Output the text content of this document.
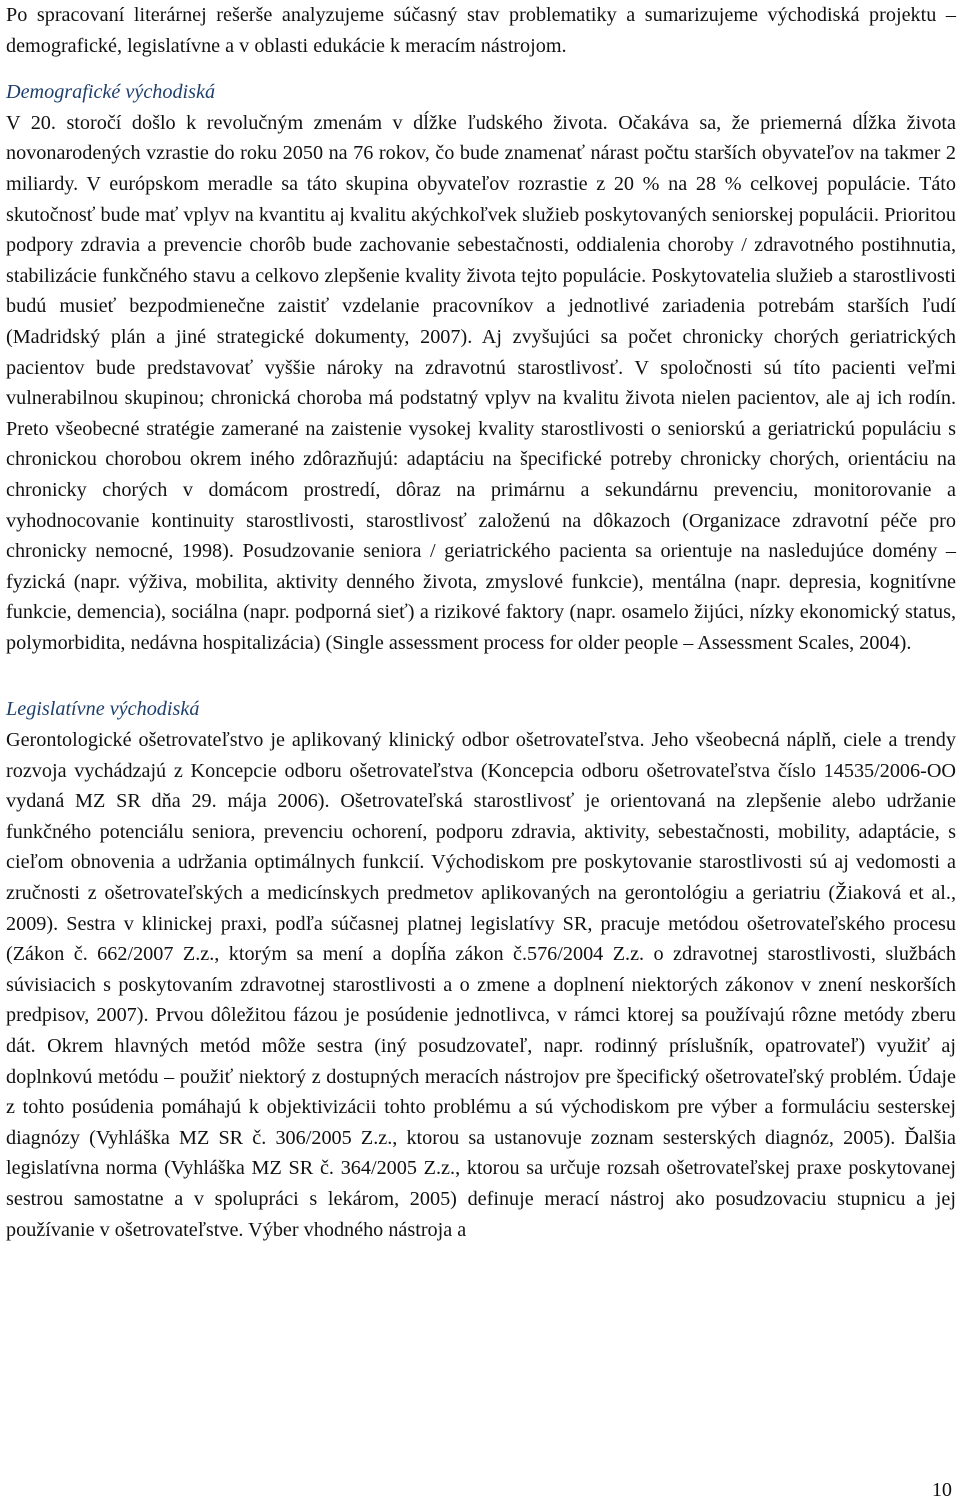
Po spracovaní literárnej rešerše analyzujeme súčasný stav problematiky a sumarizujeme východiská projektu – demografické, legislatívne a v oblasti edukácie k meracím nástrojom.

Demografické východiská

V 20. storočí došlo k revolučným zmenám v dĺžke ľudského života. Očakáva sa, že priemerná dĺžka života novonarodených vzrastie do roku 2050 na 76 rokov, čo bude znamenať nárast počtu starších obyvateľov na takmer 2 miliardy. V európskom meradle sa táto skupina obyvateľov rozrastie z 20 % na 28 % celkovej populácie. Táto skutočnosť bude mať vplyv na kvantitu aj kvalitu akýchkoľvek služieb poskytovaných seniorskej populácii. Prioritou podpory zdravia a prevencie chorôb bude zachovanie sebestačnosti, oddialenia choroby / zdravotného postihnutia, stabilizácie funkčného stavu a celkovo zlepšenie kvality života tejto populácie. Poskytovatelia služieb a starostlivosti budú musieť bezpodmienečne zaistiť vzdelanie pracovníkov a jednotlivé zariadenia potrebám starších ľudí (Madridský plán a jiné strategické dokumenty, 2007). Aj zvyšujúci sa počet chronicky chorých geriatrických pacientov bude predstavovať vyššie nároky na zdravotnú starostlivosť. V spoločnosti sú títo pacienti veľmi vulnerabilnou skupinou; chronická choroba má podstatný vplyv na kvalitu života nielen pacientov, ale aj ich rodín. Preto všeobecné stratégie zamerané na zaistenie vysokej kvality starostlivosti o seniorskú a geriatrickú populáciu s chronickou chorobou okrem iného zdôrazňujú: adaptáciu na špecifické potreby chronicky chorých, orientáciu na chronicky chorých v domácom prostredí, dôraz na primárnu a sekundárnu prevenciu, monitorovanie a vyhodnocovanie kontinuity starostlivosti, starostlivosť založenú na dôkazoch (Organizace zdravotní péče pro chronicky nemocné, 1998). Posudzovanie seniora / geriatrického pacienta sa orientuje na nasledujúce domény – fyzická (napr. výživa, mobilita, aktivity denného života, zmyslové funkcie), mentálna (napr. depresia, kognitívne funkcie, demencia), sociálna (napr. podporná sieť) a rizikové faktory (napr. osamelo žijúci, nízky ekonomický status, polymorbidita, nedávna hospitalizácia) (Single assessment process for older people – Assessment Scales, 2004).

Legislatívne východiská

Gerontologické ošetrovateľstvo je aplikovaný klinický odbor ošetrovateľstva. Jeho všeobecná náplň, ciele a trendy rozvoja vychádzajú z Koncepcie odboru ošetrovateľstva (Koncepcia odboru ošetrovateľstva číslo 14535/2006-OO vydaná MZ SR dňa 29. mája 2006). Ošetrovateľská starostlivosť je orientovaná na zlepšenie alebo udržanie funkčného potenciálu seniora, prevenciu ochorení, podporu zdravia, aktivity, sebestačnosti, mobility, adaptácie, s cieľom obnovenia a udržania optimálnych funkcií. Východiskom pre poskytovanie starostlivosti sú aj vedomosti a zručnosti z ošetrovateľských a medicínskych predmetov aplikovaných na gerontológiu a geriatriu (Žiaková et al., 2009). Sestra v klinickej praxi, podľa súčasnej platnej legislatívy SR, pracuje metódou ošetrovateľského procesu (Zákon č. 662/2007 Z.z., ktorým sa mení a dopĺňa zákon č.576/2004 Z.z. o zdravotnej starostlivosti, službách súvisiacich s poskytovaním zdravotnej starostlivosti a o zmene a doplnení niektorých zákonov v znení neskorších predpisov, 2007). Prvou dôležitou fázou je posúdenie jednotlivca, v rámci ktorej sa používajú rôzne metódy zberu dát. Okrem hlavných metód môže sestra (iný posudzovateľ, napr. rodinný príslušník, opatrovateľ) využiť aj doplnkovú metódu – použiť niektorý z dostupných meracích nástrojov pre špecifický ošetrovateľský problém. Údaje z tohto posúdenia pomáhajú k objektivizácii tohto problému a sú východiskom pre výber a formuláciu sesterskej diagnózy (Vyhláška MZ SR č. 306/2005 Z.z., ktorou sa ustanovuje zoznam sesterských diagnóz, 2005). Ďalšia legislatívna norma (Vyhláška MZ SR č. 364/2005 Z.z., ktorou sa určuje rozsah ošetrovateľskej praxe poskytovanej sestrou samostatne a v spolupráci s lekárom, 2005) definuje merací nástroj ako posudzovaciu stupnicu a jej používanie v ošetrovateľstve. Výber vhodného nástroja a

10
